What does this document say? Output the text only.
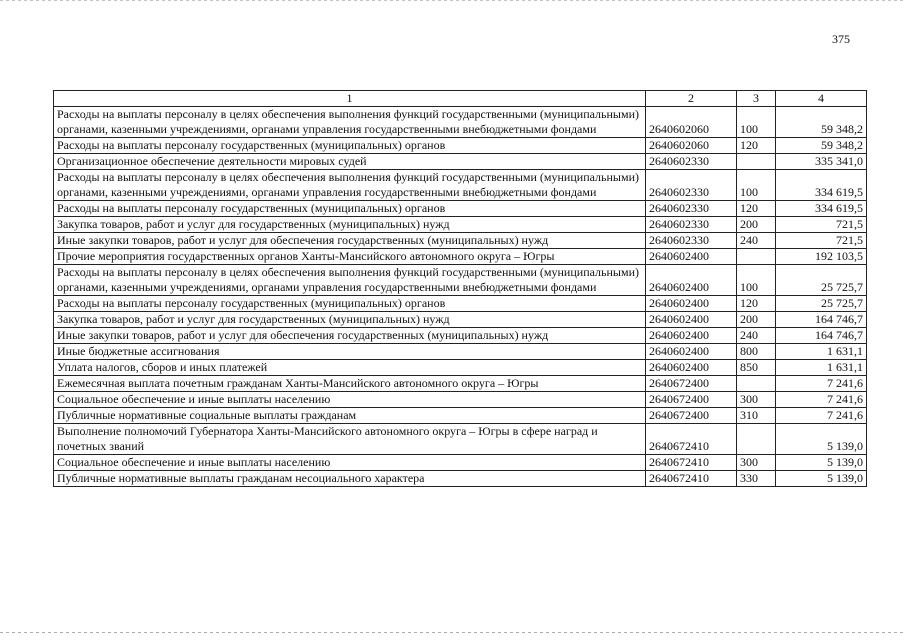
375
1	2	3	4
Расходы на выплаты персоналу в целях обеспечения выполнения функций государственными (муниципальными) органами, казенными учреждениями, органами управления государственными внебюджетными фондами	2640602060	100	59 348,2
Расходы на выплаты персоналу государственных (муниципальных) органов	2640602060	120	59 348,2
Организационное обеспечение деятельности мировых судей	2640602330		335 341,0
Расходы на выплаты персоналу в целях обеспечения выполнения функций государственными (муниципальными) органами, казенными учреждениями, органами управления государственными внебюджетными фондами	2640602330	100	334 619,5
Расходы на выплаты персоналу государственных (муниципальных) органов	2640602330	120	334 619,5
Закупка товаров, работ и услуг для государственных (муниципальных) нужд	2640602330	200	721,5
Иные закупки товаров, работ и услуг для обеспечения государственных (муниципальных) нужд	2640602330	240	721,5
Прочие мероприятия государственных органов Ханты-Мансийского автономного округа – Югры	2640602400		192 103,5
Расходы на выплаты персоналу в целях обеспечения выполнения функций государственными (муниципальными) органами, казенными учреждениями, органами управления государственными внебюджетными фондами	2640602400	100	25 725,7
Расходы на выплаты персоналу государственных (муниципальных) органов	2640602400	120	25 725,7
Закупка товаров, работ и услуг для государственных (муниципальных) нужд	2640602400	200	164 746,7
Иные закупки товаров, работ и услуг для обеспечения государственных (муниципальных) нужд	2640602400	240	164 746,7
Иные бюджетные ассигнования	2640602400	800	1 631,1
Уплата налогов, сборов и иных платежей	2640602400	850	1 631,1
Ежемесячная выплата почетным гражданам Ханты-Мансийского автономного округа – Югры	2640672400		7 241,6
Социальное обеспечение и иные выплаты населению	2640672400	300	7 241,6
Публичные нормативные социальные выплаты гражданам	2640672400	310	7 241,6
Выполнение полномочий Губернатора Ханты-Мансийского автономного округа – Югры в сфере наград и почетных званий	2640672410		5 139,0
Социальное обеспечение и иные выплаты населению	2640672410	300	5 139,0
Публичные нормативные выплаты гражданам несоциального характера	2640672410	330	5 139,0
